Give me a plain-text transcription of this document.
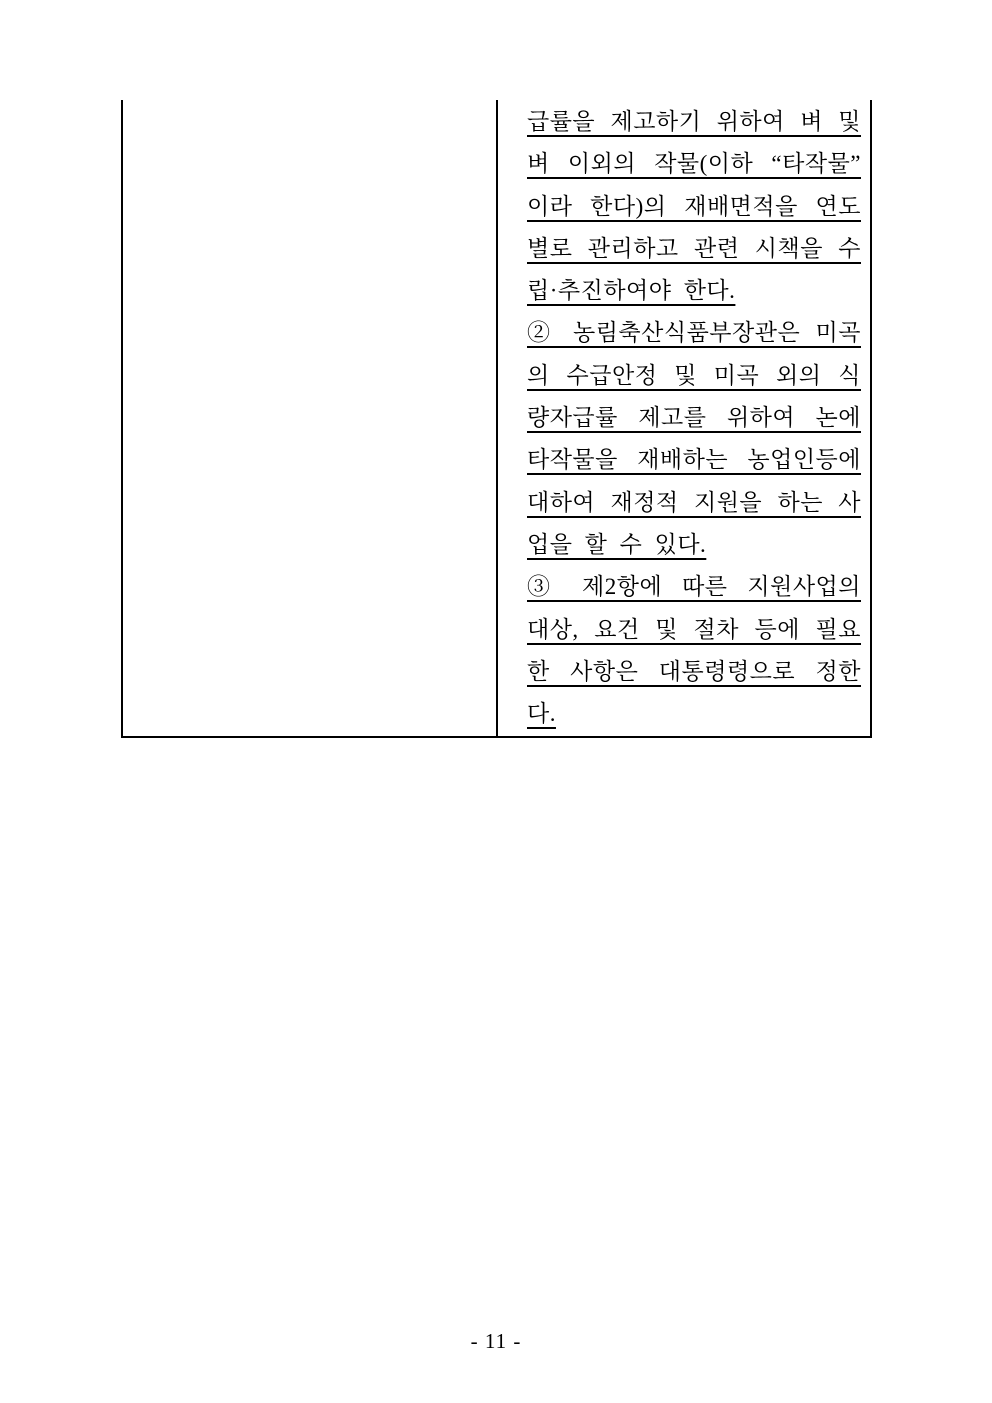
급률을 제고하기 위하여 벼 및
벼 이외의 작물(이하 “타작물”
이라 한다)의 재배면적을 연도
별로 관리하고 관련 시책을 수
립·추진하여야 한다.
② 농림축산식품부장관은 미곡
의 수급안정 및 미곡 외의 식
량자급률 제고를 위하여 논에
타작물을 재배하는 농업인등에
대하여 재정적 지원을 하는 사
업을 할 수 있다.
③ 제2항에 따른 지원사업의
대상, 요건 및 절차 등에 필요
한 사항은 대통령령으로 정한
다.
- 11 -
